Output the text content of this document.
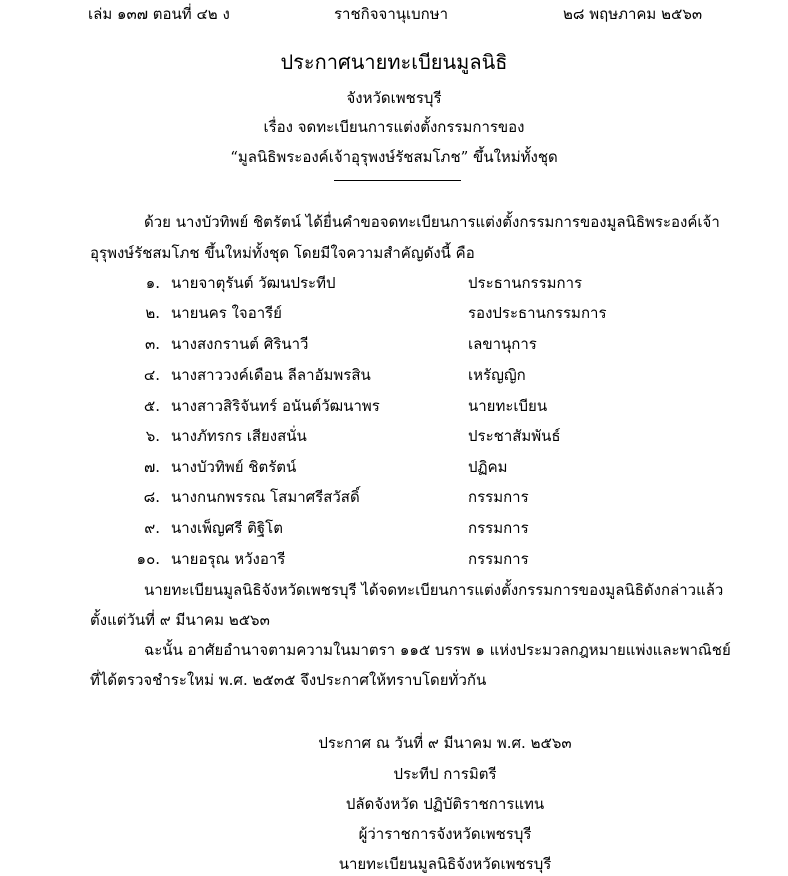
เล่ม ๑๓๗ ตอนที่ ๔๒ ง	ราชกิจจานุเบกษา	๒๘ พฤษภาคม ๒๕๖๓
ประกาศนายทะเบียนมูลนิธิ
จังหวัดเพชรบุรี
เรื่อง จดทะเบียนการแต่งตั้งกรรมการของ
“มูลนิธิพระองค์เจ้าอุรุพงษ์รัชสมโภช” ขึ้นใหม่ทั้งชุด
ด้วย นางบัวทิพย์ ชิตรัตน์ ได้ยื่นคำขอจดทะเบียนการแต่งตั้งกรรมการของมูลนิธิพระองค์เจ้า
อุรุพงษ์รัชสมโภช ขึ้นใหม่ทั้งชุด โดยมีใจความสำคัญดังนี้ คือ
๑. นายจาตุรันต์ วัฒนประทีป	ประธานกรรมการ
๒. นายนคร ใจอารีย์	รองประธานกรรมการ
๓. นางสงกรานต์ ศิรินาวี	เลขานุการ
๔. นางสาววงค์เดือน ลีลาอัมพรสิน	เหรัญญิก
๕. นางสาวสิริจันทร์ อนันต์วัฒนาพร	นายทะเบียน
๖. นางภัทรกร เสียงสนั่น	ประชาสัมพันธ์
๗. นางบัวทิพย์ ชิตรัตน์	ปฏิคม
๘. นางกนกพรรณ โสมาศรีสวัสดิ์	กรรมการ
๙. นางเพ็ญศรี ติฐิโต	กรรมการ
๑๐. นายอรุณ หวังอารี	กรรมการ
นายทะเบียนมูลนิธิจังหวัดเพชรบุรี ได้จดทะเบียนการแต่งตั้งกรรมการของมูลนิธิดังกล่าวแล้ว
ตั้งแต่วันที่ ๙ มีนาคม ๒๕๖๓
ฉะนั้น อาศัยอำนาจตามความในมาตรา ๑๑๕ บรรพ ๑ แห่งประมวลกฎหมายแพ่งและพาณิชย์
ที่ได้ตรวจชำระใหม่ พ.ศ. ๒๕๓๕ จึงประกาศให้ทราบโดยทั่วกัน
ประกาศ ณ วันที่ ๙ มีนาคม พ.ศ. ๒๕๖๓
ประทีป การมิตรี
ปลัดจังหวัด ปฏิบัติราชการแทน
ผู้ว่าราชการจังหวัดเพชรบุรี
นายทะเบียนมูลนิธิจังหวัดเพชรบุรี
